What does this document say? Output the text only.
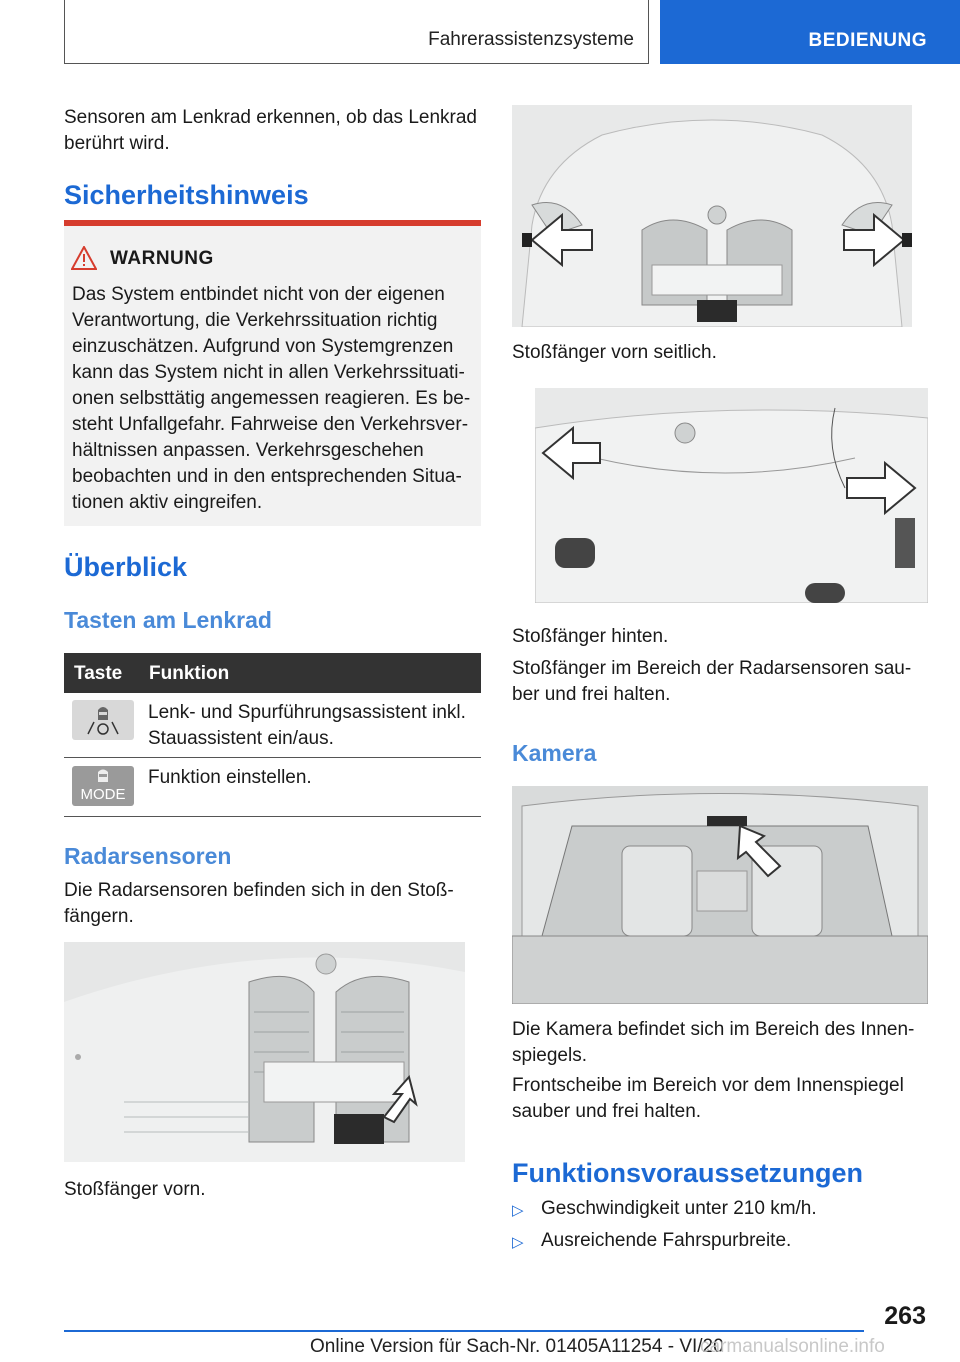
Fahrerassistenzsysteme	BEDIENUNG

Sensoren am Lenkrad erkennen, ob das Lenkrad berührt wird.

Sicherheitshinweis
WARNUNG

Das System entbindet nicht von der eigenen Verantwortung, die Verkehrssituation richtig einzuschätzen. Aufgrund von Systemgrenzen kann das System nicht in allen Verkehrssituationen selbsttätig angemessen reagieren. Es besteht Unfallgefahr. Fahrweise den Verkehrsverhältnissen anpassen. Verkehrsgeschehen beobachten und in den entsprechenden Situationen aktiv eingreifen.

Überblick
Tasten am Lenkrad
Taste Funktion

Lenk- und Spurführungsassistent inkl. Stauassistent ein/aus.

MODE

Funktion einstellen.

Radarsensoren

Die Radarsensoren befinden sich in den Stoßfängern.

Stoßfänger vorn.

Stoßfänger vorn seitlich.

Stoßfänger hinten.

Stoßfänger im Bereich der Radarsensoren sauber und frei halten.

Kamera

Die Kamera befindet sich im Bereich des Innenspiegels.

Frontscheibe im Bereich vor dem Innenspiegel sauber und frei halten.

Funktionsvoraussetzungen
▷ Geschwindigkeit unter 210 km/h.
▷ Ausreichende Fahrspurbreite.
263
Online Version für Sach-Nr. 01405A11254 - VI/20
carmanualsonline.info
